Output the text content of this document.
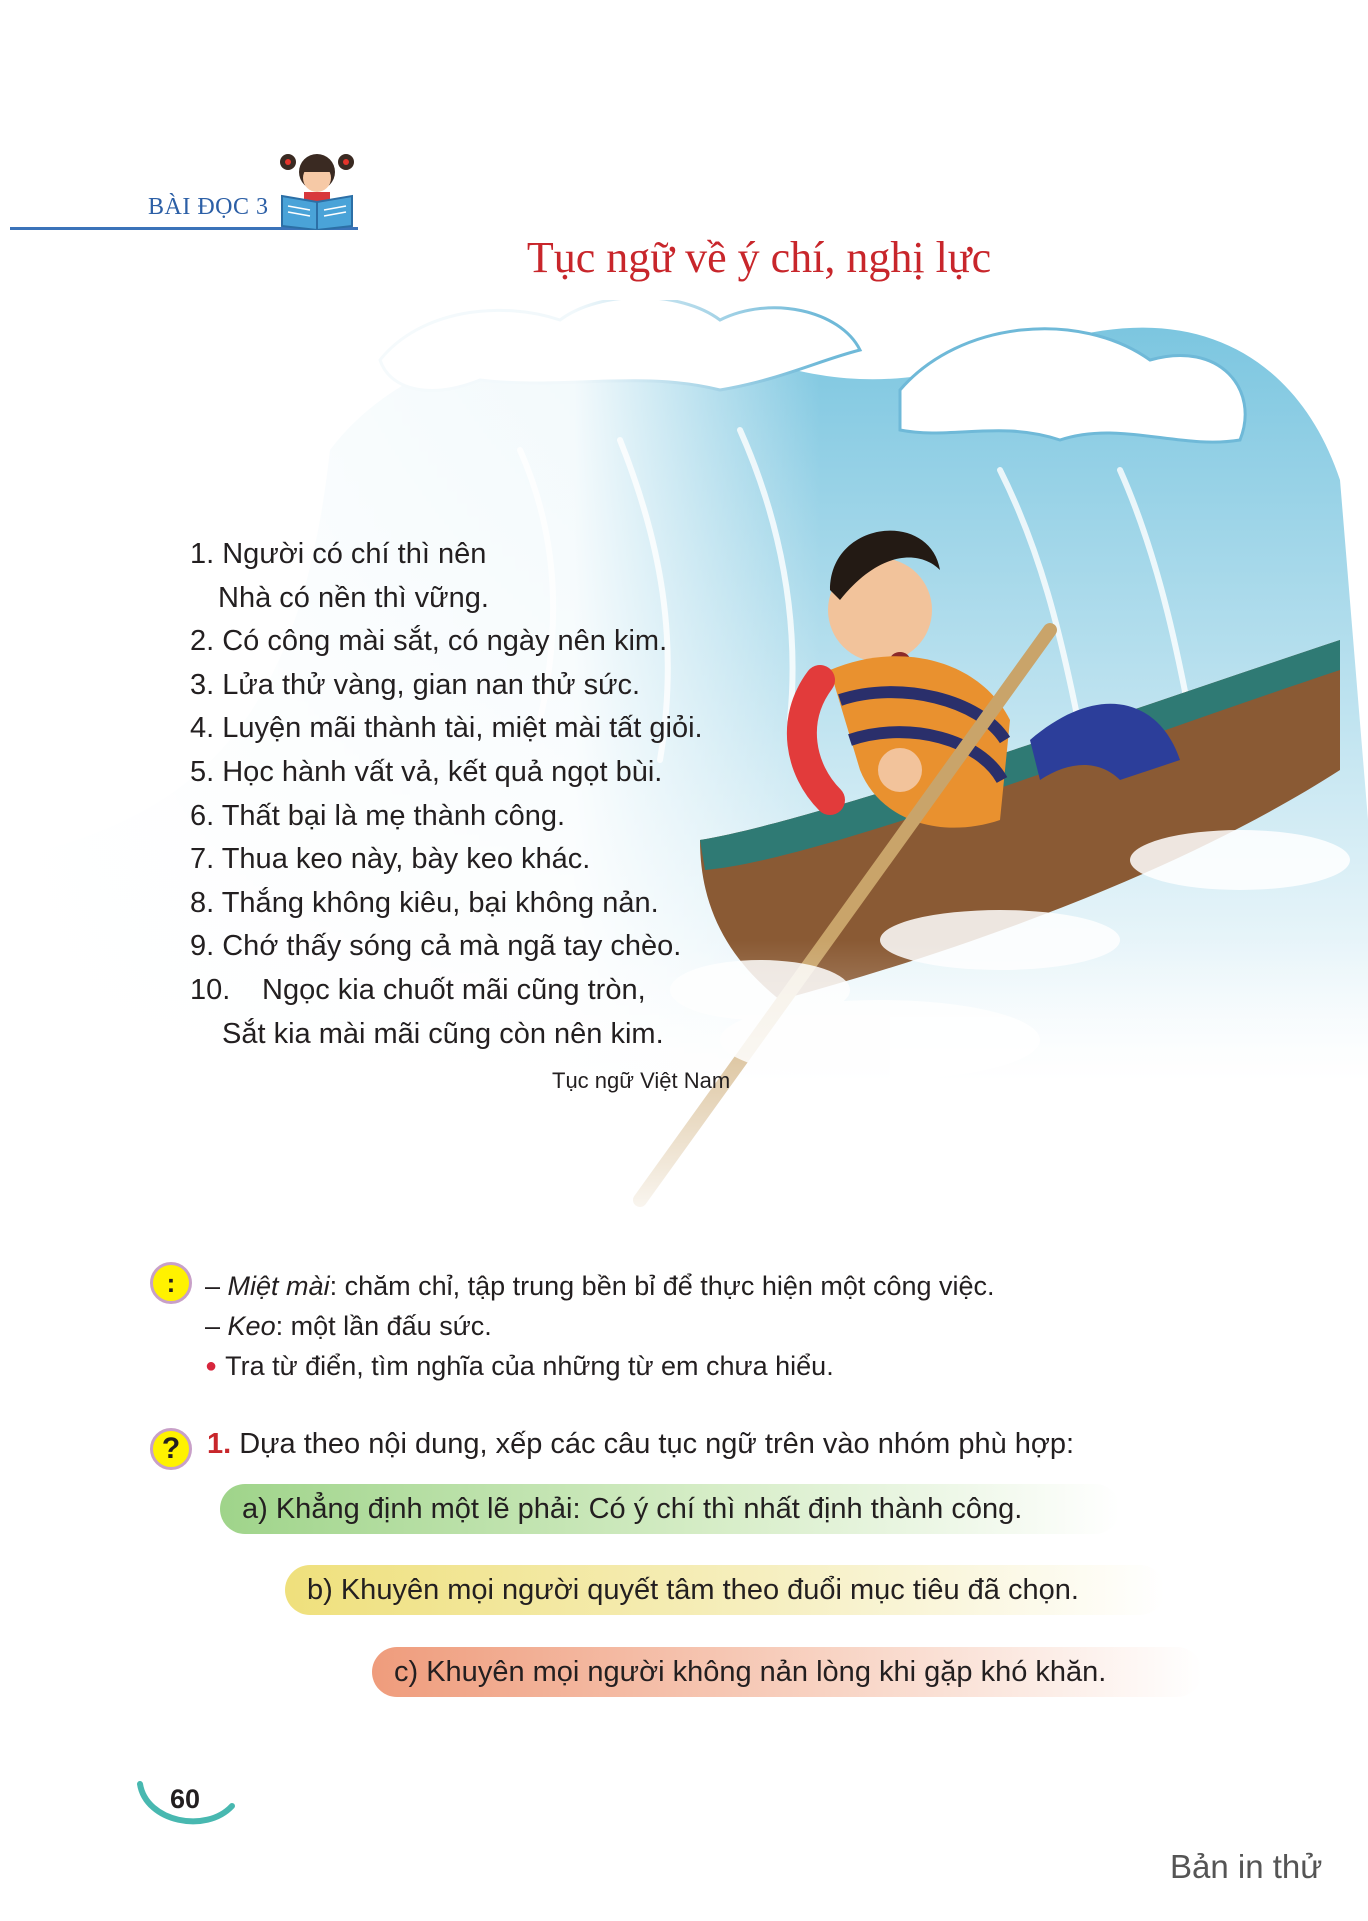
BÀI ĐỌC 3
Tục ngữ về ý chí, nghị lực
1. Người có chí thì nên
Nhà có nền thì vững.
2. Có công mài sắt, có ngày nên kim.
3. Lửa thử vàng, gian nan thử sức.
4. Luyện mãi thành tài, miệt mài tất giỏi.
5. Học hành vất vả, kết quả ngọt bùi.
6. Thất bại là mẹ thành công.
7. Thua keo này, bày keo khác.
8. Thắng không kiêu, bại không nản.
9. Chớ thấy sóng cả mà ngã tay chèo.
10. Ngọc kia chuốt mãi cũng tròn,
Sắt kia mài mãi cũng còn nên kim.
Tục ngữ Việt Nam
:	– Miệt mài: chăm chỉ, tập trung bền bỉ để thực hiện một công việc.
– Keo: một lần đấu sức.
● Tra từ điển, tìm nghĩa của những từ em chưa hiểu.
? 1. Dựa theo nội dung, xếp các câu tục ngữ trên vào nhóm phù hợp:
a) Khẳng định một lẽ phải: Có ý chí thì nhất định thành công.
b) Khuyên mọi người quyết tâm theo đuổi mục tiêu đã chọn.
c) Khuyên mọi người không nản lòng khi gặp khó khăn.
60
Bản in thử
